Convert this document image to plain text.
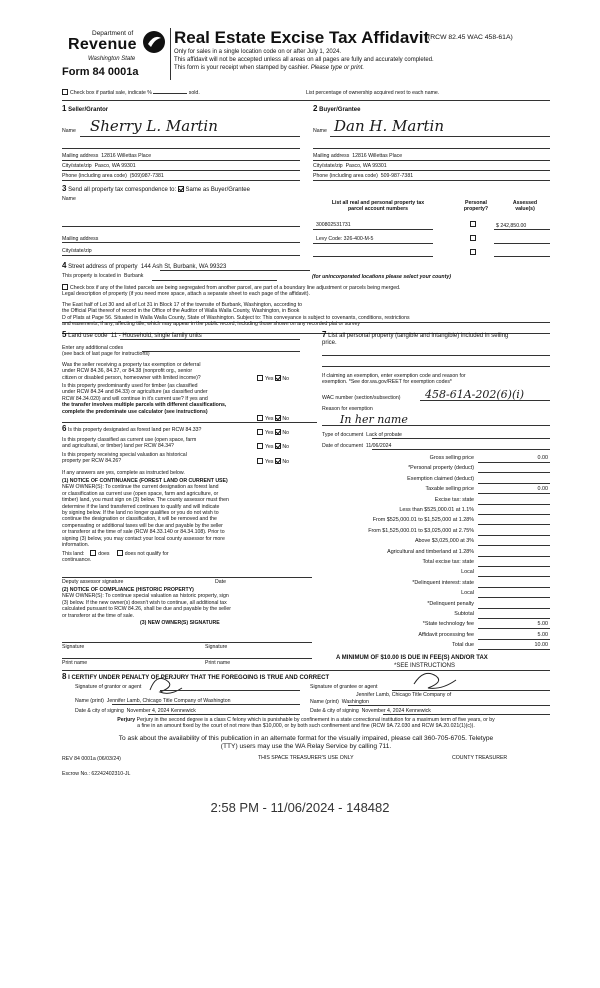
Department of
Revenue
Washington State
Form 84 0001a
Real Estate Excise Tax Affidavit
(RCW 82.45 WAC 458-61A)
Only for sales in a single location code on or after July 1, 2024.
This affidavit will not be accepted unless all areas on all pages are fully and accurately completed.
This form is your receipt when stamped by cashier. Please type or print.
Check box if partial sale, indicate %	sold.	List percentage of ownership acquired next to each name.
1 Seller/Grantor
Name Sherry L. Martin
Mailing address 12816 Willettas Place
City/state/zip Pasco, WA 99301
Phone (including area code) (509)987-7381
2 Buyer/Grantee
Name Dan H. Martin
Mailing address 12816 Willettas Place
City/state/zip Pasco, WA 99301
Phone (including area code) 509-987-7381
3 Send all property tax correspondence to: Same as Buyer/Grantee
Name
Mailing address
City/state/zip
List all real and personal property tax
parcel account numbers
Personal
property?
Assessed
value(s)
300802531731	$ 242,850.00
Levy Code: 326-400-M-5
4 Street address of property 144 Ash St, Burbank, WA 99323
This property is located in Burbank	(for unincorporated locations please select your county)
Check box if any of the listed parcels are being segregated from another parcel, are part of a boundary line adjustment or parcels being merged.
Legal description of property (if you need more space, attach a separate sheet to each page of the affidavit).
The East half of Lot 30 and all of Lot 31 in Block 17 of the townsite of Burbank, Washington, according to
the Official Plat thereof of record in the Office of the Auditor of Walla Walla County, Washington, in Book
D of Plats at Page 56. Situated in Walla Walla County, State of Washington. Subject to: This conveyance is subject to covenants, conditions, restrictions
and easements, if any, affecting title, which may appear in the public record, including those shown on any recorded plat or survey
5 Land use code 11 - Household, single family units
Enter any additional codes
(see back of last page for instructions)
Was the seller receiving a property tax exemption or deferral
under RCW 84.36, 84.37, or 84.38 (nonprofit org., senior
citizen or disabled person, homeowner with limited income)?	Yes No
Is this property predominantly used for timber (as classified
under RCW 84.34 and 84.33) or agriculture (as classified under
RCW 84.34.020) and will continue in it's current use? If yes and
the transfer involves multiple parcels with different classifications,
complete the predominate use calculator (see instructions)
Yes No
6 Is this property designated as forest land per RCW 84.33?	Yes No
Is this property classified as current use (open space, farm
and agricultural, or timber) land per RCW 84.34?	Yes No
Is this property receiving special valuation as historical
property per RCW 84.26?	Yes No
If any answers are yes, complete as instructed below.
(1) NOTICE OF CONTINUANCE (FOREST LAND OR CURRENT USE)
NEW OWNER(S): To continue the current designation as forest land
or classification as current use (open space, farm and agriculture, or
timber) land, you must sign on (3) below. The county assessor must then
determine if the land transferred continues to qualify and will indicate
by signing below. If the land no longer qualifies or you do not wish to
continue the designation or classification, it will be removed and the
compensating or additional taxes will be due and payable by the seller
or transferor at the time of sale (RCW 84.33.140 or 84.34.108). Prior to
signing (3) below, you may contact your local county assessor for more
information.
This land:	does	does not qualify for
continuance.
Deputy assessor signature	Date
(2) NOTICE OF COMPLIANCE (HISTORIC PROPERTY)
NEW OWNER(S): To continue special valuation as historic property, sign
(3) below. If the new owner(s) doesn't wish to continue, all additional tax
calculated pursuant to RCW 84.26, shall be due and payable by the seller
or transferor at the time of sale.
(3) NEW OWNER(S) SIGNATURE
Signature	Signature
Print name	Print name
7 List all personal property (tangible and intangible) included in selling
price.
If claiming an exemption, enter exemption code and reason for
exemption. *See dor.wa.gov/REET for exemption codes*
WAC number (section/subsection) 458-61A-202(6)(i)
Reason for exemption
In her name
Type of document Lack of probate
Date of document 11/06/2024
Gross selling price	0.00
*Personal property (deduct)
Exemption claimed (deduct)
Taxable selling price	0.00
Excise tax: state
Less than $525,000.01 at 1.1%
From $525,000.01 to $1,525,000 at 1.28%
From $1,525,000.01 to $3,025,000 at 2.75%
Above $3,025,000 at 3%
Agricultural and timberland at 1.28%
Total excise tax: state
Local
*Delinquent interest: state
Local
*Delinquent penalty
Subtotal
*State technology fee	5.00
Affidavit processing fee	5.00
Total due	10.00
A MINIMUM OF $10.00 IS DUE IN FEE(S) AND/OR TAX
*SEE INSTRUCTIONS
8 I CERTIFY UNDER PENALTY OF PERJURY THAT THE FOREGOING IS TRUE AND CORRECT
Signature of grantor or agent	Signature of grantee or agent
Name (print) Jennifer Lamb, Chicago Title Company of Washington
Jennifer Lamb, Chicago Title Company of
Name (print) Washington
Date & city of signing November 4, 2024 Kennewick	Date & city of signing November 4, 2024 Kennewick
Perjury Perjury in the second degree is a class C felony which is punishable by confinement in a state correctional institution for a maximum term of five years, or by
a fine in an amount fixed by the court of not more than $10,000, or by both such confinement and fine (RCW 9A.72.030 and RCW 9A.20.021(1)(c)).
To ask about the availability of this publication in an alternate format for the visually impaired, please call 360-705-6705. Teletype
(TTY) users may use the WA Relay Service by calling 711.
REV 84 0001a (06/03/24)	THIS SPACE TREASURER'S USE ONLY	COUNTY TREASURER
Escrow No.: 62242402310-JL
2:58 PM - 11/06/2024 - 148482
